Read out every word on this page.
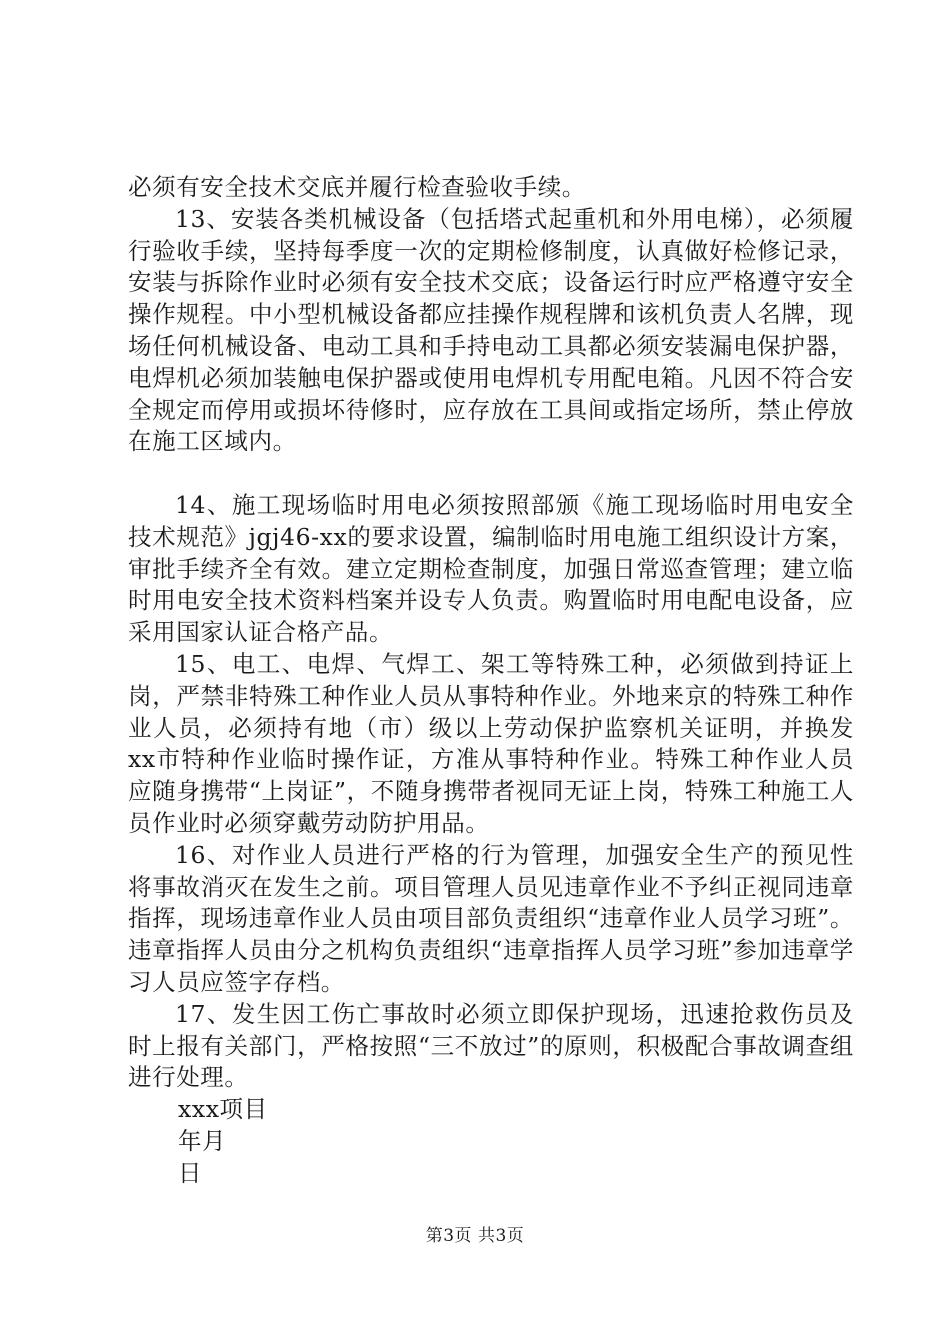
必须有安全技术交底并履行检查验收手续。

13、安装各类机械设备（包括塔式起重机和外用电梯），必须履行验收手续，坚持每季度一次的定期检修制度，认真做好检修记录，安装与拆除作业时必须有安全技术交底；设备运行时应严格遵守安全操作规程。中小型机械设备都应挂操作规程牌和该机负责人名牌，现场任何机械设备、电动工具和手持电动工具都必须安装漏电保护器，电焊机必须加装触电保护器或使用电焊机专用配电箱。凡因不符合安全规定而停用或损坏待修时，应存放在工具间或指定场所，禁止停放在施工区域内。

14、施工现场临时用电必须按照部颁《施工现场临时用电安全技术规范》jgj46-xx的要求设置，编制临时用电施工组织设计方案，审批手续齐全有效。建立定期检查制度，加强日常巡查管理；建立临时用电安全技术资料档案并设专人负责。购置临时用电配电设备，应采用国家认证合格产品。

15、电工、电焊、气焊工、架工等特殊工种，必须做到持证上岗，严禁非特殊工种作业人员从事特种作业。外地来京的特殊工种作业人员，必须持有地（市）级以上劳动保护监察机关证明，并换发xx市特种作业临时操作证，方准从事特种作业。特殊工种作业人员应随身携带“上岗证”，不随身携带者视同无证上岗，特殊工种施工人员作业时必须穿戴劳动防护用品。

16、对作业人员进行严格的行为管理，加强安全生产的预见性将事故消灭在发生之前。项目管理人员见违章作业不予纠正视同违章指挥，现场违章作业人员由项目部负责组织“违章作业人员学习班”。违章指挥人员由分之机构负责组织“违章指挥人员学习班”参加违章学习人员应签字存档。

17、发生因工伤亡事故时必须立即保护现场，迅速抢救伤员及时上报有关部门，严格按照“三不放过”的原则，积极配合事故调查组进行处理。

xxx项目

年月

日

第3页 共3页
